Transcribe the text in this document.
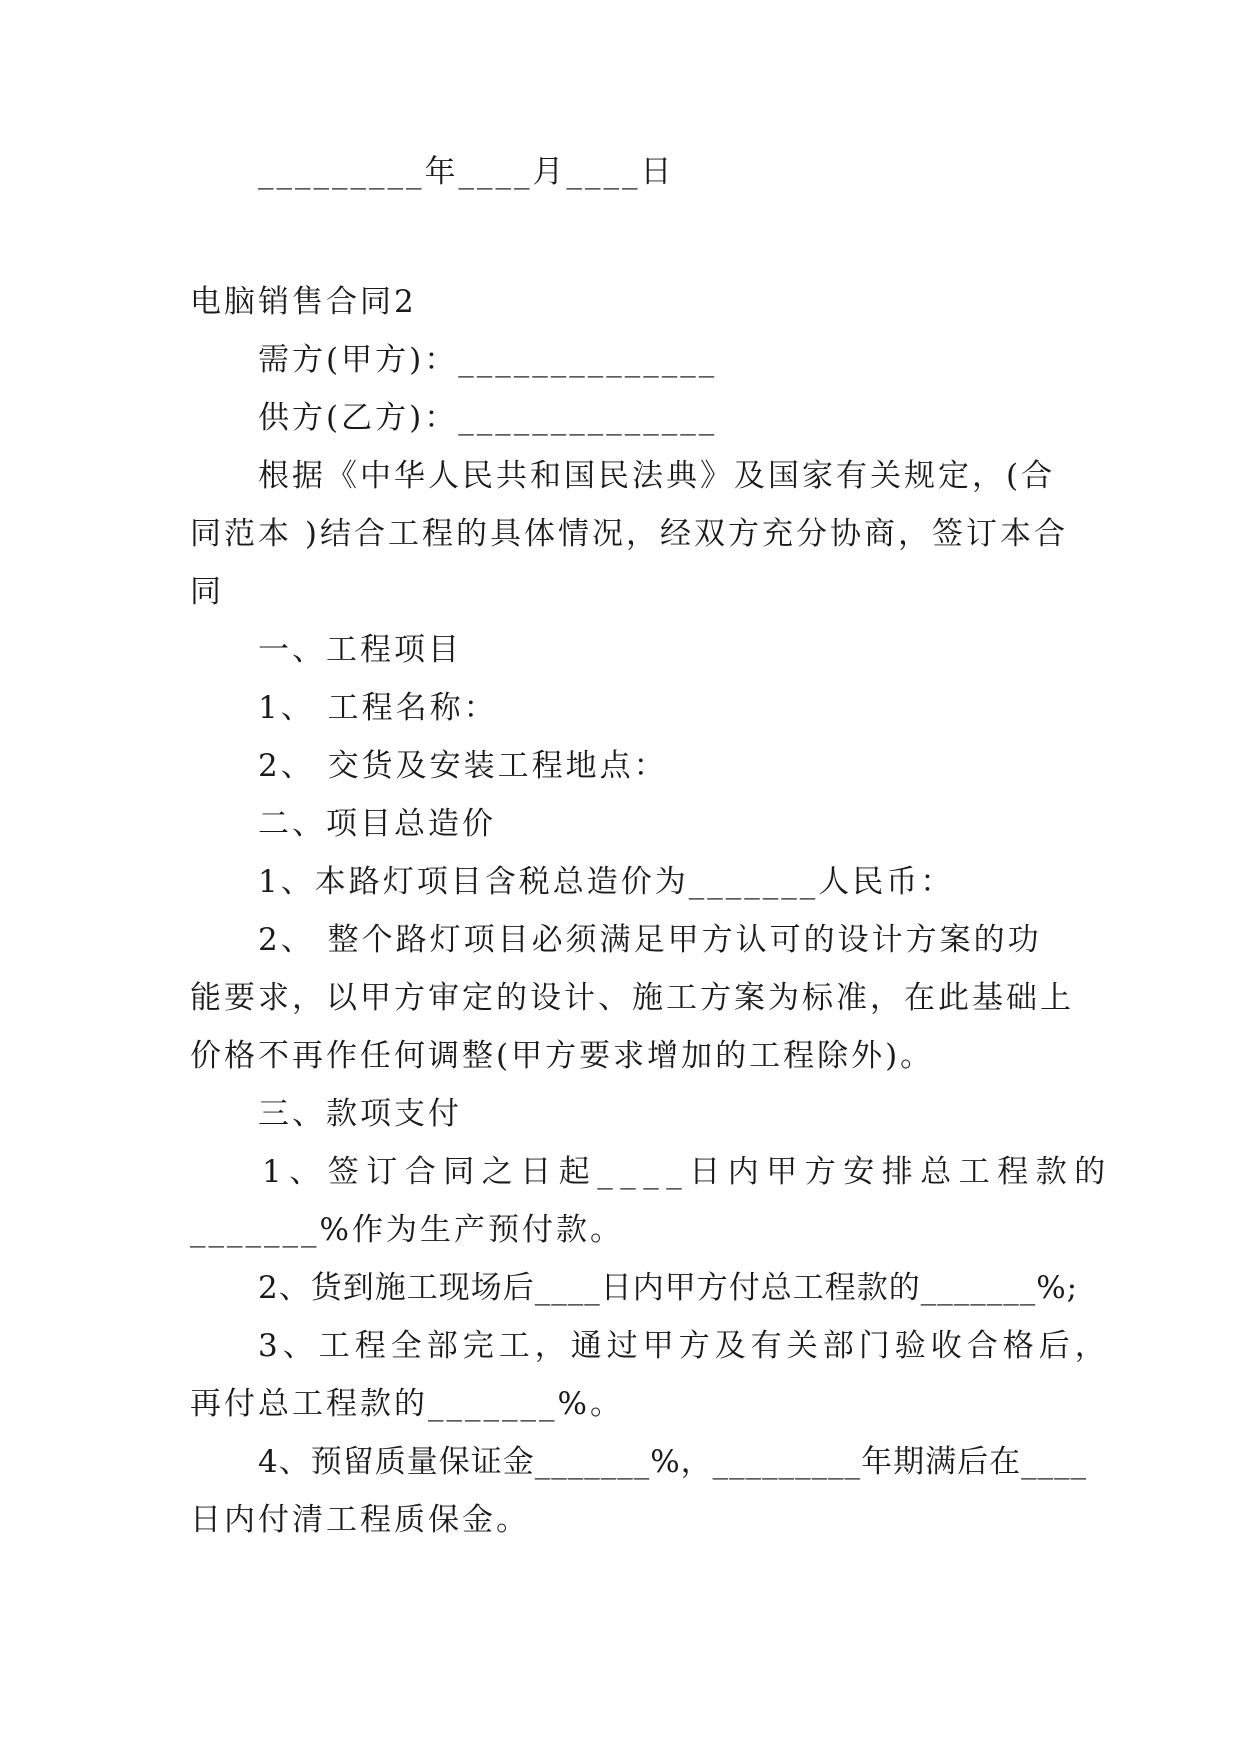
_________年____月____日
电脑销售合同2
需方(甲方)：______________
供方(乙方)：______________
根据《中华人民共和国民法典》及国家有关规定，(合
同范本 )结合工程的具体情况，经双方充分协商，签订本合
同
一、工程项目
1、 工程名称：
2、 交货及安装工程地点：
二、项目总造价
1、本路灯项目含税总造价为_______人民币：
2、 整个路灯项目必须满足甲方认可的设计方案的功
能要求，以甲方审定的设计、施工方案为标准，在此基础上
价格不再作任何调整(甲方要求增加的工程除外)。
三、款项支付
1、签订合同之日起____日内甲方安排总工程款的
_______%作为生产预付款。
2、货到施工现场后____日内甲方付总工程款的_______%;
3、工程全部完工，通过甲方及有关部门验收合格后，
再付总工程款的_______%。
4、预留质量保证金_______%，_________年期满后在____
日内付清工程质保金。
